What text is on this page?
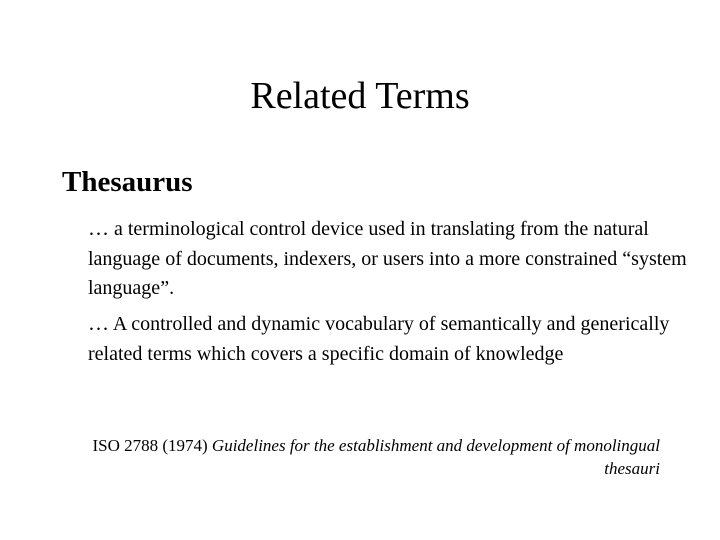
Related Terms
Thesaurus

… a terminological control device used in translating from the natural language of documents, indexers, or users into a more constrained “system language”.

… A controlled and dynamic vocabulary of semantically and generically related terms which covers a specific domain of knowledge

ISO 2788 (1974) Guidelines for the establishment and development of monolingual thesauri
